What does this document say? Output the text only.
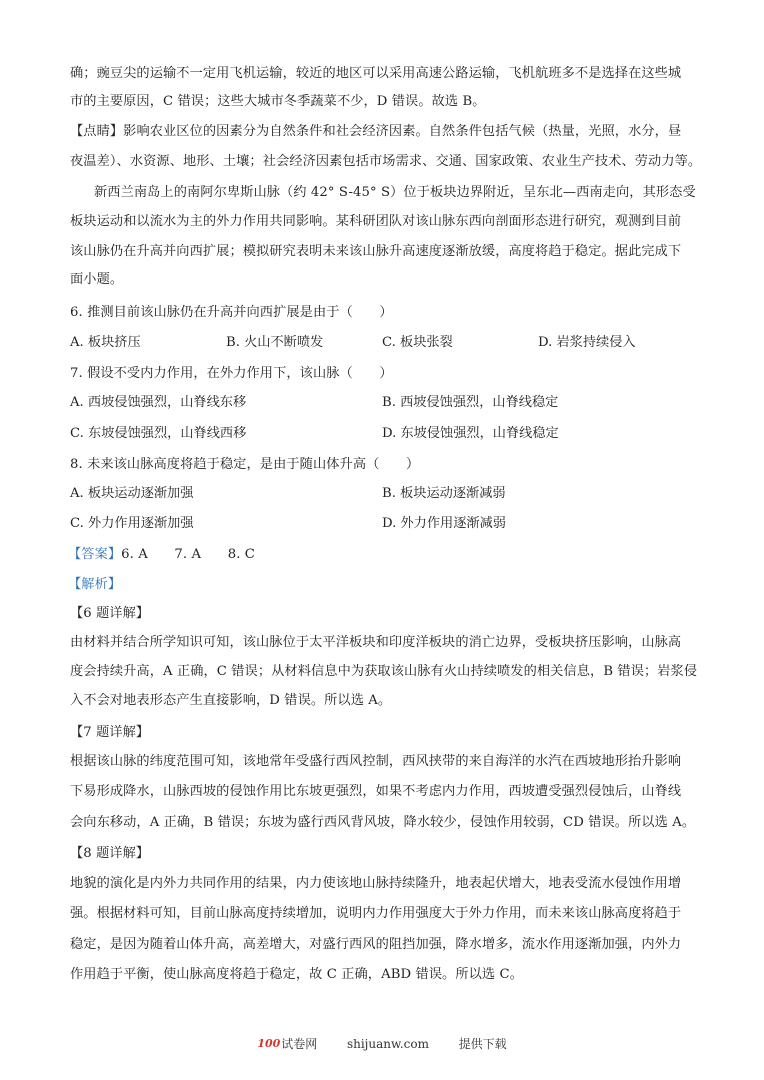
确；豌豆尖的运输不一定用飞机运输，较近的地区可以采用高速公路运输，飞机航班多不是选择在这些城
市的主要原因，C 错误；这些大城市冬季蔬菜不少，D 错误。故选 B。
【点睛】影响农业区位的因素分为自然条件和社会经济因素。自然条件包括气候（热量，光照，水分，昼
夜温差）、水资源、地形、土壤；社会经济因素包括市场需求、交通、国家政策、农业生产技术、劳动力等。
新西兰南岛上的南阿尔卑斯山脉（约 42° S-45° S）位于板块边界附近，呈东北—西南走向，其形态受
板块运动和以流水为主的外力作用共同影响。某科研团队对该山脉东西向剖面形态进行研究，观测到目前
该山脉仍在升高并向西扩展；模拟研究表明未来该山脉升高速度逐渐放缓，高度将趋于稳定。据此完成下
面小题。
6. 推测目前该山脉仍在升高并向西扩展是由于（　　）
A. 板块挤压	B. 火山不断喷发	C. 板块张裂	D. 岩浆持续侵入
7. 假设不受内力作用，在外力作用下，该山脉（　　）
A. 西坡侵蚀强烈，山脊线东移	B. 西坡侵蚀强烈，山脊线稳定
C. 东坡侵蚀强烈，山脊线西移	D. 东坡侵蚀强烈，山脊线稳定
8. 未来该山脉高度将趋于稳定，是由于随山体升高（　　）
A. 板块运动逐渐加强	B. 板块运动逐渐减弱
C. 外力作用逐渐加强	D. 外力作用逐渐减弱
【答案】6. A　　7. A　　8. C
【解析】
【6 题详解】
由材料并结合所学知识可知，该山脉位于太平洋板块和印度洋板块的消亡边界，受板块挤压影响，山脉高
度会持续升高，A 正确，C 错误；从材料信息中为获取该山脉有火山持续喷发的相关信息，B 错误；岩浆侵
入不会对地表形态产生直接影响，D 错误。所以选 A。
【7 题详解】
根据该山脉的纬度范围可知，该地常年受盛行西风控制，西风挟带的来自海洋的水汽在西坡地形抬升影响
下易形成降水，山脉西坡的侵蚀作用比东坡更强烈，如果不考虑内力作用，西坡遭受强烈侵蚀后，山脊线
会向东移动，A 正确，B 错误；东坡为盛行西风背风坡，降水较少，侵蚀作用较弱，CD 错误。所以选 A。
【8 题详解】
地貌的演化是内外力共同作用的结果，内力使该地山脉持续隆升，地表起伏增大，地表受流水侵蚀作用增
强。根据材料可知，目前山脉高度持续增加，说明内力作用强度大于外力作用，而未来该山脉高度将趋于
稳定，是因为随着山体升高，高差增大，对盛行西风的阻挡加强，降水增多，流水作用逐渐加强，内外力
作用趋于平衡，使山脉高度将趋于稳定，故 C 正确，ABD 错误。所以选 C。
100试卷网 shijuanw.com 提供下载
